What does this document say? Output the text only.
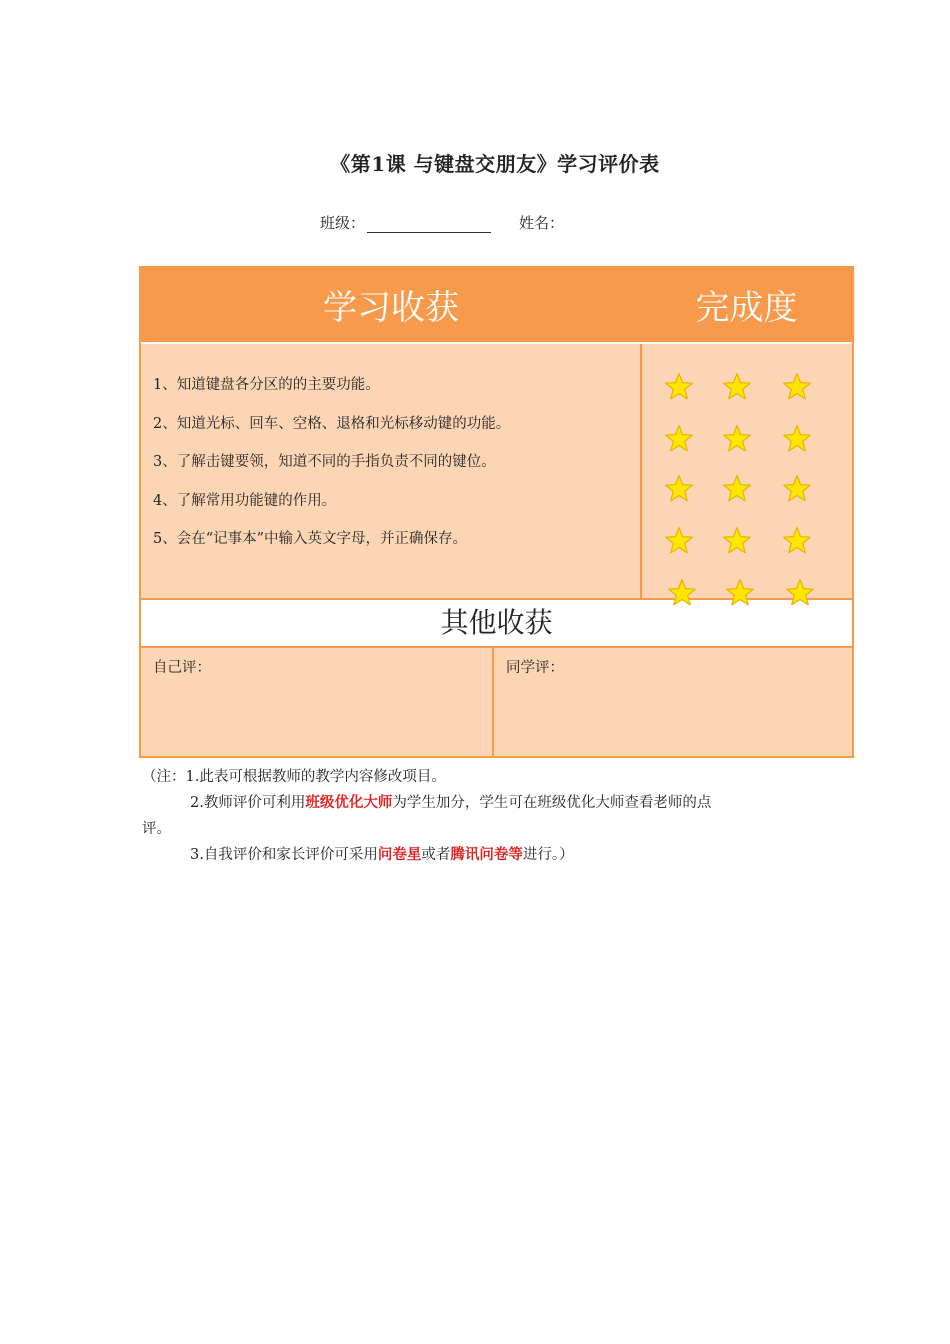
《第1课 与键盘交朋友》学习评价表
班级：	姓名：
学习收获	完成度
1、知道键盘各分区的的主要功能。
2、知道光标、回车、空格、退格和光标移动键的功能。
3、了解击键要领，知道不同的手指负责不同的键位。
4、了解常用功能键的作用。
5、会在“记事本”中输入英文字母，并正确保存。
其他收获
自己评：	同学评：

（注：1.此表可根据教师的教学内容修改项目。

2.教师评价可利用班级优化大师为学生加分，学生可在班级优化大师查看老师的点

评。

3.自我评价和家长评价可采用问卷星或者腾讯问卷等进行。）
